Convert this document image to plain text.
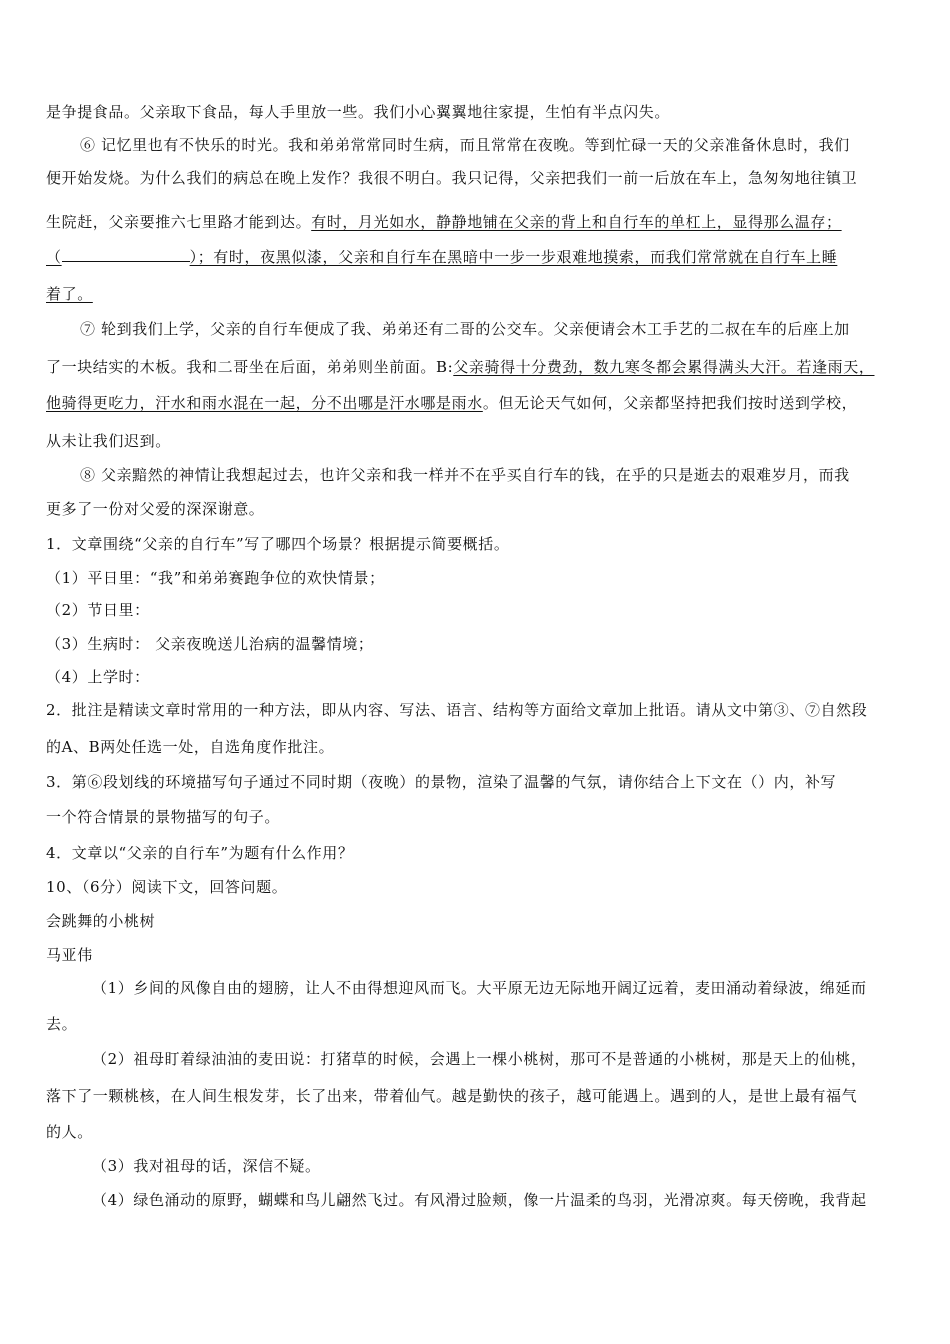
是争提食品。父亲取下食品，每人手里放一些。我们小心翼翼地往家提，生怕有半点闪失。
⑥ 记忆里也有不快乐的时光。我和弟弟常常同时生病，而且常常在夜晚。等到忙碌一天的父亲准备休息时，我们
便开始发烧。为什么我们的病总在晚上发作？我很不明白。我只记得，父亲把我们一前一后放在车上，急匆匆地往镇卫
生院赶，父亲要推六七里路才能到达。有时，月光如水，静静地铺在父亲的背上和自行车的单杠上，显得那么温存；
（	）；有时，夜黑似漆，父亲和自行车在黑暗中一步一步艰难地摸索，而我们常常就在自行车上睡
着了。
⑦ 轮到我们上学，父亲的自行车便成了我、弟弟还有二哥的公交车。父亲便请会木工手艺的二叔在车的后座上加
了一块结实的木板。我和二哥坐在后面，弟弟则坐前面。B:父亲骑得十分费劲，数九寒冬都会累得满头大汗。若逢雨天，
他骑得更吃力，汗水和雨水混在一起，分不出哪是汗水哪是雨水。但无论天气如何，父亲都坚持把我们按时送到学校，
从未让我们迟到。
⑧ 父亲黯然的神情让我想起过去，也许父亲和我一样并不在乎买自行车的钱，在乎的只是逝去的艰难岁月，而我
更多了一份对父爱的深深谢意。
1．文章围绕“父亲的自行车”写了哪四个场景？根据提示简要概括。
（1）平日里：“我”和弟弟赛跑争位的欢快情景；
（2）节日里：
（3）生病时： 父亲夜晚送儿治病的温馨情境；
（4）上学时：
2．批注是精读文章时常用的一种方法，即从内容、写法、语言、结构等方面给文章加上批语。请从文中第③、⑦自然段
的A、B两处任选一处，自选角度作批注。
3．第⑥段划线的环境描写句子通过不同时期（夜晚）的景物，渲染了温馨的气氛，请你结合上下文在（）内，补写
一个符合情景的景物描写的句子。
4．文章以“父亲的自行车”为题有什么作用？
10、（6分）阅读下文，回答问题。
会跳舞的小桃树
马亚伟
（1）乡间的风像自由的翅膀，让人不由得想迎风而飞。大平原无边无际地开阔辽远着，麦田涌动着绿波，绵延而
去。
（2）祖母盯着绿油油的麦田说：打猪草的时候，会遇上一棵小桃树，那可不是普通的小桃树，那是天上的仙桃，
落下了一颗桃核，在人间生根发芽，长了出来，带着仙气。越是勤快的孩子，越可能遇上。遇到的人，是世上最有福气
的人。
（3）我对祖母的话，深信不疑。
（4）绿色涌动的原野，蝴蝶和鸟儿翩然飞过。有风滑过脸颊，像一片温柔的鸟羽，光滑凉爽。每天傍晚，我背起
